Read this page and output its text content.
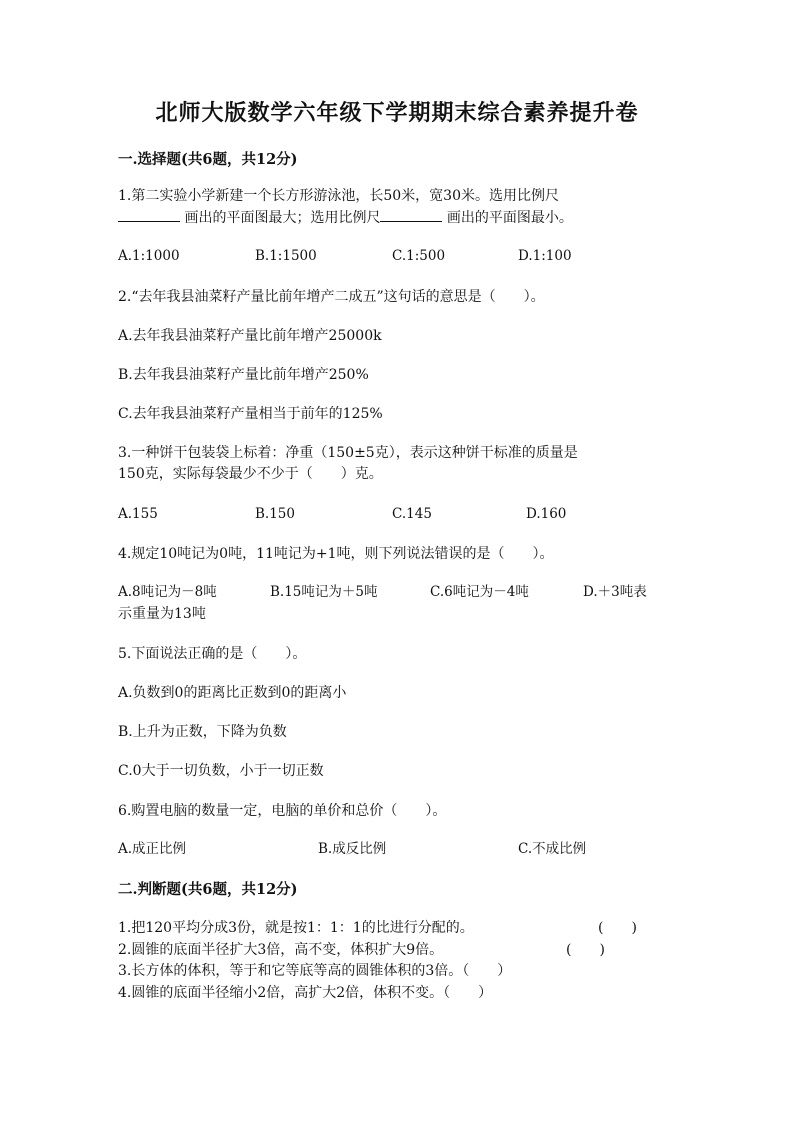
北师大版数学六年级下学期期末综合素养提升卷
一.选择题(共6题，共12分)
1.第二实验小学新建一个长方形游泳池，长50米，宽30米。选用比例尺
画出的平面图最大；选用比例尺	画出的平面图最小。
A.1:1000	B.1:1500	C.1:500	D.1:100
2.“去年我县油菜籽产量比前年增产二成五”这句话的意思是（　　）。
A.去年我县油菜籽产量比前年增产25000k
B.去年我县油菜籽产量比前年增产250%
C.去年我县油菜籽产量相当于前年的125%
3.一种饼干包装袋上标着：净重（150±5克），表示这种饼干标准的质量是
150克，实际每袋最少不少于（　　）克。
A.155	B.150	C.145	D.160
4.规定10吨记为0吨，11吨记为+1吨，则下列说法错误的是（　　）。
A.8吨记为－8吨	B.15吨记为＋5吨	C.6吨记为－4吨	D.＋3吨表
示重量为13吨
5.下面说法正确的是（　　）。
A.负数到0的距离比正数到0的距离小
B.上升为正数，下降为负数
C.0大于一切负数，小于一切正数
6.购置电脑的数量一定，电脑的单价和总价（　　）。
A.成正比例	B.成反比例	C.不成比例
二.判断题(共6题，共12分)
1.把120平均分成3份，就是按1：1：1的比进行分配的。	(　　)
2.圆锥的底面半径扩大3倍，高不变，体积扩大9倍。	(　　)
3.长方体的体积，等于和它等底等高的圆锥体积的3倍。（　　）
4.圆锥的底面半径缩小2倍，高扩大2倍，体积不变。（　　）
